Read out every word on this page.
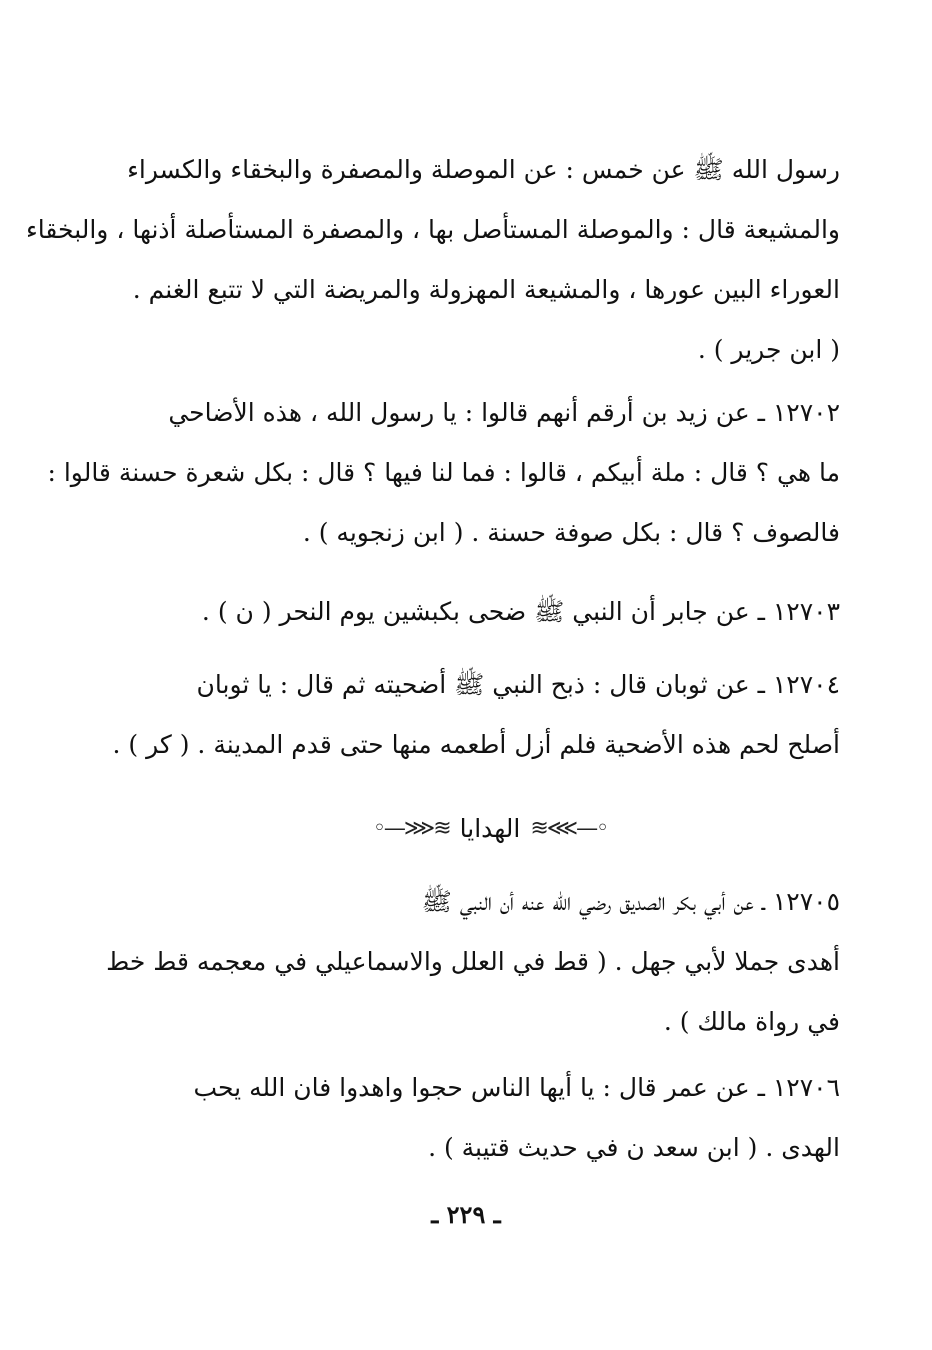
رسول الله ﷺ عن خمس : عن الموصلة والمصفرة والبخقاء والكسراء
والمشيعة قال : والموصلة المستأصل بها ، والمصفرة المستأصلة أذنها ، والبخقاء
العوراء البين عورها ، والمشيعة المهزولة والمريضة التي لا تتبع الغنم .
( ابن جرير ) .
١٢٧٠٢ ـ عن زيد بن أرقم أنهم قالوا : يا رسول الله ، هذه الأضاحي
ما هي ؟ قال : ملة أبيكم ، قالوا : فما لنا فيها ؟ قال : بكل شعرة حسنة قالوا :
فالصوف ؟ قال : بكل صوفة حسنة . ( ابن زنجويه ) .
١٢٧٠٣ ـ عن جابر أن النبي ﷺ ضحى بكبشين يوم النحر ( ن ) .
١٢٧٠٤ ـ عن ثوبان قال : ذبح النبي ﷺ أضحيته ثم قال : يا ثوبان
أصلح لحم هذه الأضحية فلم أزل أطعمه منها حتى قدم المدينة . ( كر ) .
◦—⋙≋
الهدايا
≋⋘—◦
١٢٧٠٥ ـ عن أبي بكر الصديق رضي الله عنه أن النبي ﷺ
أهدى جملا لأبي جهل . ( قط في العلل والاسماعيلي في معجمه قط خط
في رواة مالك ) .
١٢٧٠٦ ـ عن عمر قال : يا أيها الناس حجوا واهدوا فان الله يحب
الهدى . ( ابن سعد ن في حديث قتيبة ) .
ـ ٢٢٩ ـ
